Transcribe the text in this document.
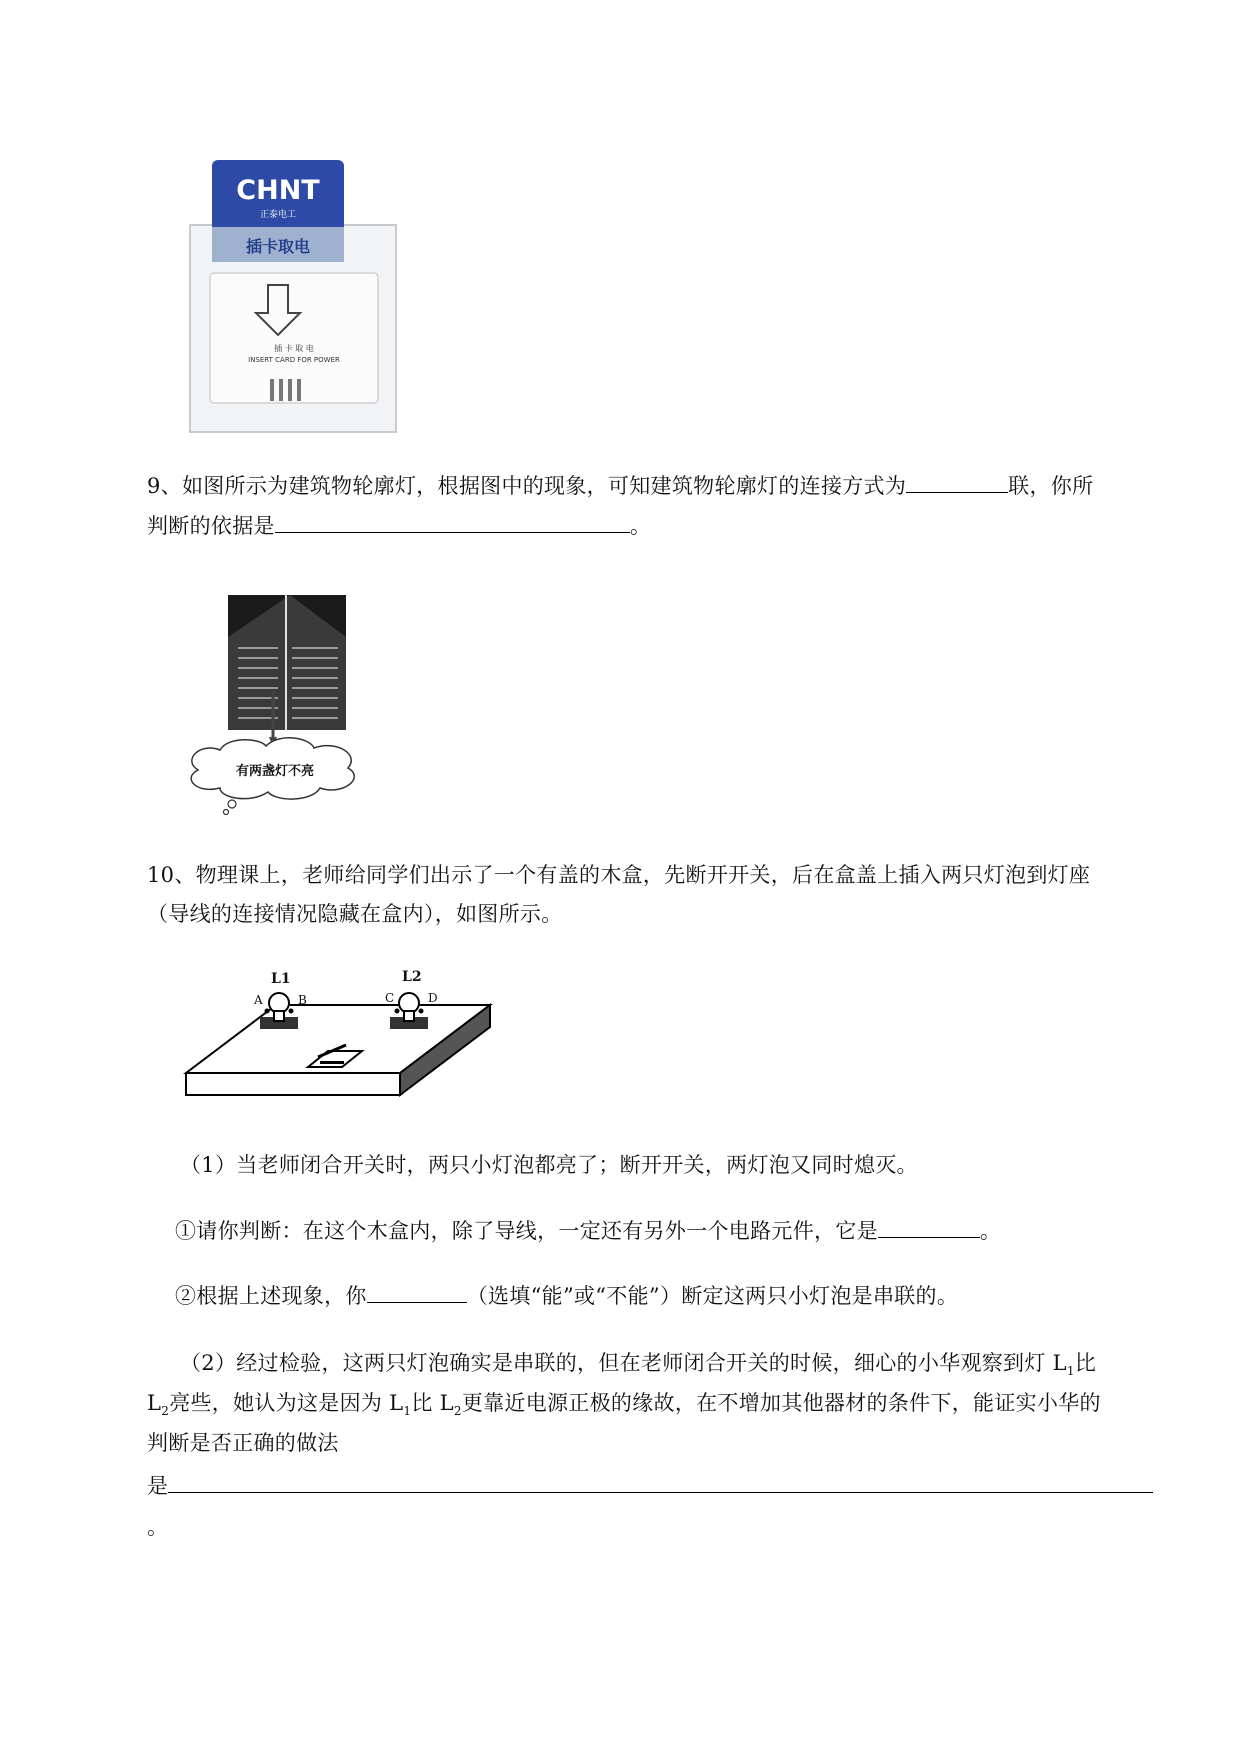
CHNT
正泰电工
插卡取电
插 卡 取 电
INSERT CARD FOR POWER
9、如图所示为建筑物轮廓灯，根据图中的现象，可知建筑物轮廓灯的连接方式为	联，你所
判断的依据是	。
有两盏灯不亮
10、物理课上，老师给同学们出示了一个有盖的木盒，先断开开关，后在盒盖上插入两只灯泡到灯座
（导线的连接情况隐藏在盒内），如图所示。
L1	L2
A	B	C	D
（1）当老师闭合开关时，两只小灯泡都亮了；断开开关，两灯泡又同时熄灭。
①请你判断：在这个木盒内，除了导线，一定还有另外一个电路元件，它是	。
②根据上述现象，你	（选填“能”或“不能”）断定这两只小灯泡是串联的。
（2）经过检验，这两只灯泡确实是串联的，但在老师闭合开关的时候，细心的小华观察到灯 $L_1$比
$L_2$亮些，她认为这是因为 $L_1$比 $L_2$更靠近电源正极的缘故，在不增加其他器材的条件下，能证实小华的
判断是否正确的做法
是
。
